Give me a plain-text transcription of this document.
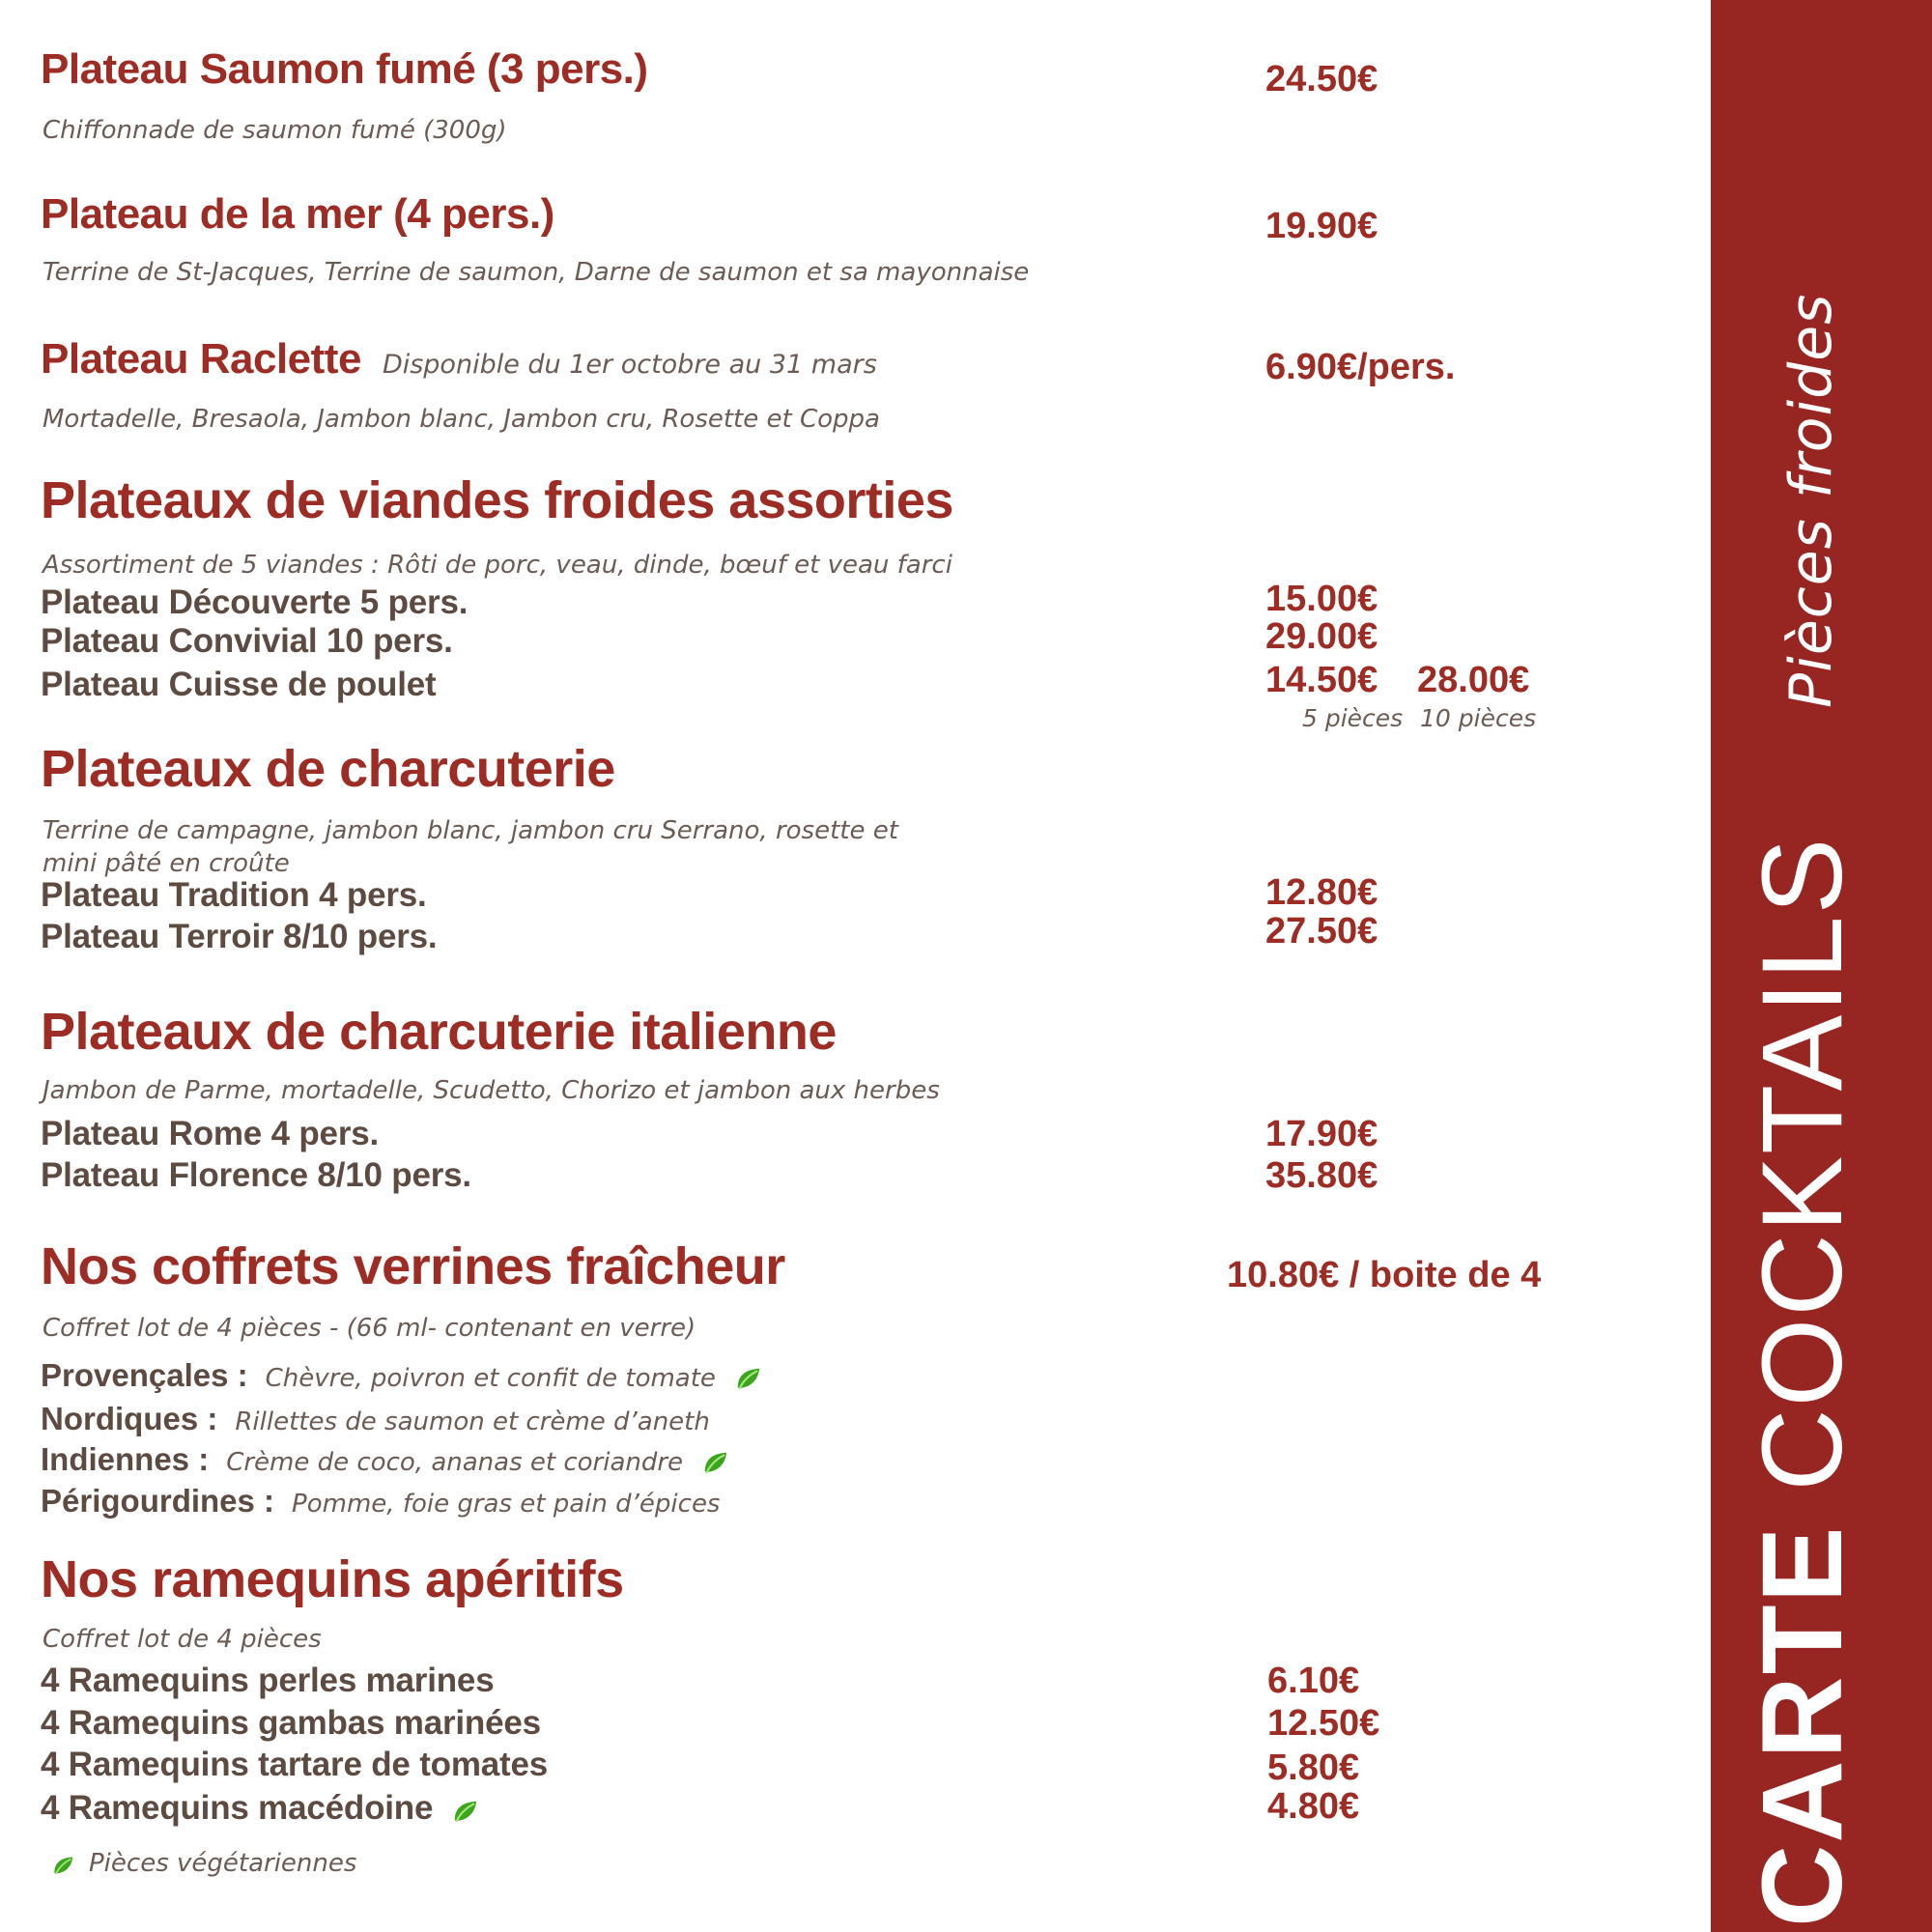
Plateau Saumon fumé (3 pers.)
Chiffonnade de saumon fumé (300g)
24.50€
Plateau de la mer (4 pers.)
Terrine de St-Jacques, Terrine de saumon, Darne de saumon et sa mayonnaise
19.90€
Plateau Raclette Disponible du 1er octobre au 31 mars
Mortadelle, Bresaola, Jambon blanc, Jambon cru, Rosette et Coppa
6.90€/pers.
Plateaux de viandes froides assorties
Assortiment de 5 viandes : Rôti de porc, veau, dinde, bœuf et veau farci
Plateau Découverte 5 pers.	15.00€
Plateau Convivial 10 pers.	29.00€
Plateau Cuisse de poulet	14.50€ 28.00€
5 pièces 10 pièces
Plateaux de charcuterie
Terrine de campagne, jambon blanc, jambon cru Serrano, rosette et
mini pâté en croûte
Plateau Tradition 4 pers.	12.80€
Plateau Terroir 8/10 pers.	27.50€
Plateaux de charcuterie italienne
Jambon de Parme, mortadelle, Scudetto, Chorizo et jambon aux herbes
Plateau Rome 4 pers.	17.90€
Plateau Florence 8/10 pers.	35.80€
Nos coffrets verrines fraîcheur	10.80€ / boite de 4
Coffret lot de 4 pièces - (66 ml- contenant en verre)
Provençales : Chèvre, poivron et confit de tomate
Nordiques : Rillettes de saumon et crème d’aneth
Indiennes : Crème de coco, ananas et coriandre
Périgourdines : Pomme, foie gras et pain d’épices
Nos ramequins apéritifs
Coffret lot de 4 pièces
4 Ramequins perles marines	6.10€
4 Ramequins gambas marinées	12.50€
4 Ramequins tartare de tomates	5.80€
4 Ramequins macédoine	4.80€
Pièces végétariennes
Pièces froides
CARTE COCKTAILS
